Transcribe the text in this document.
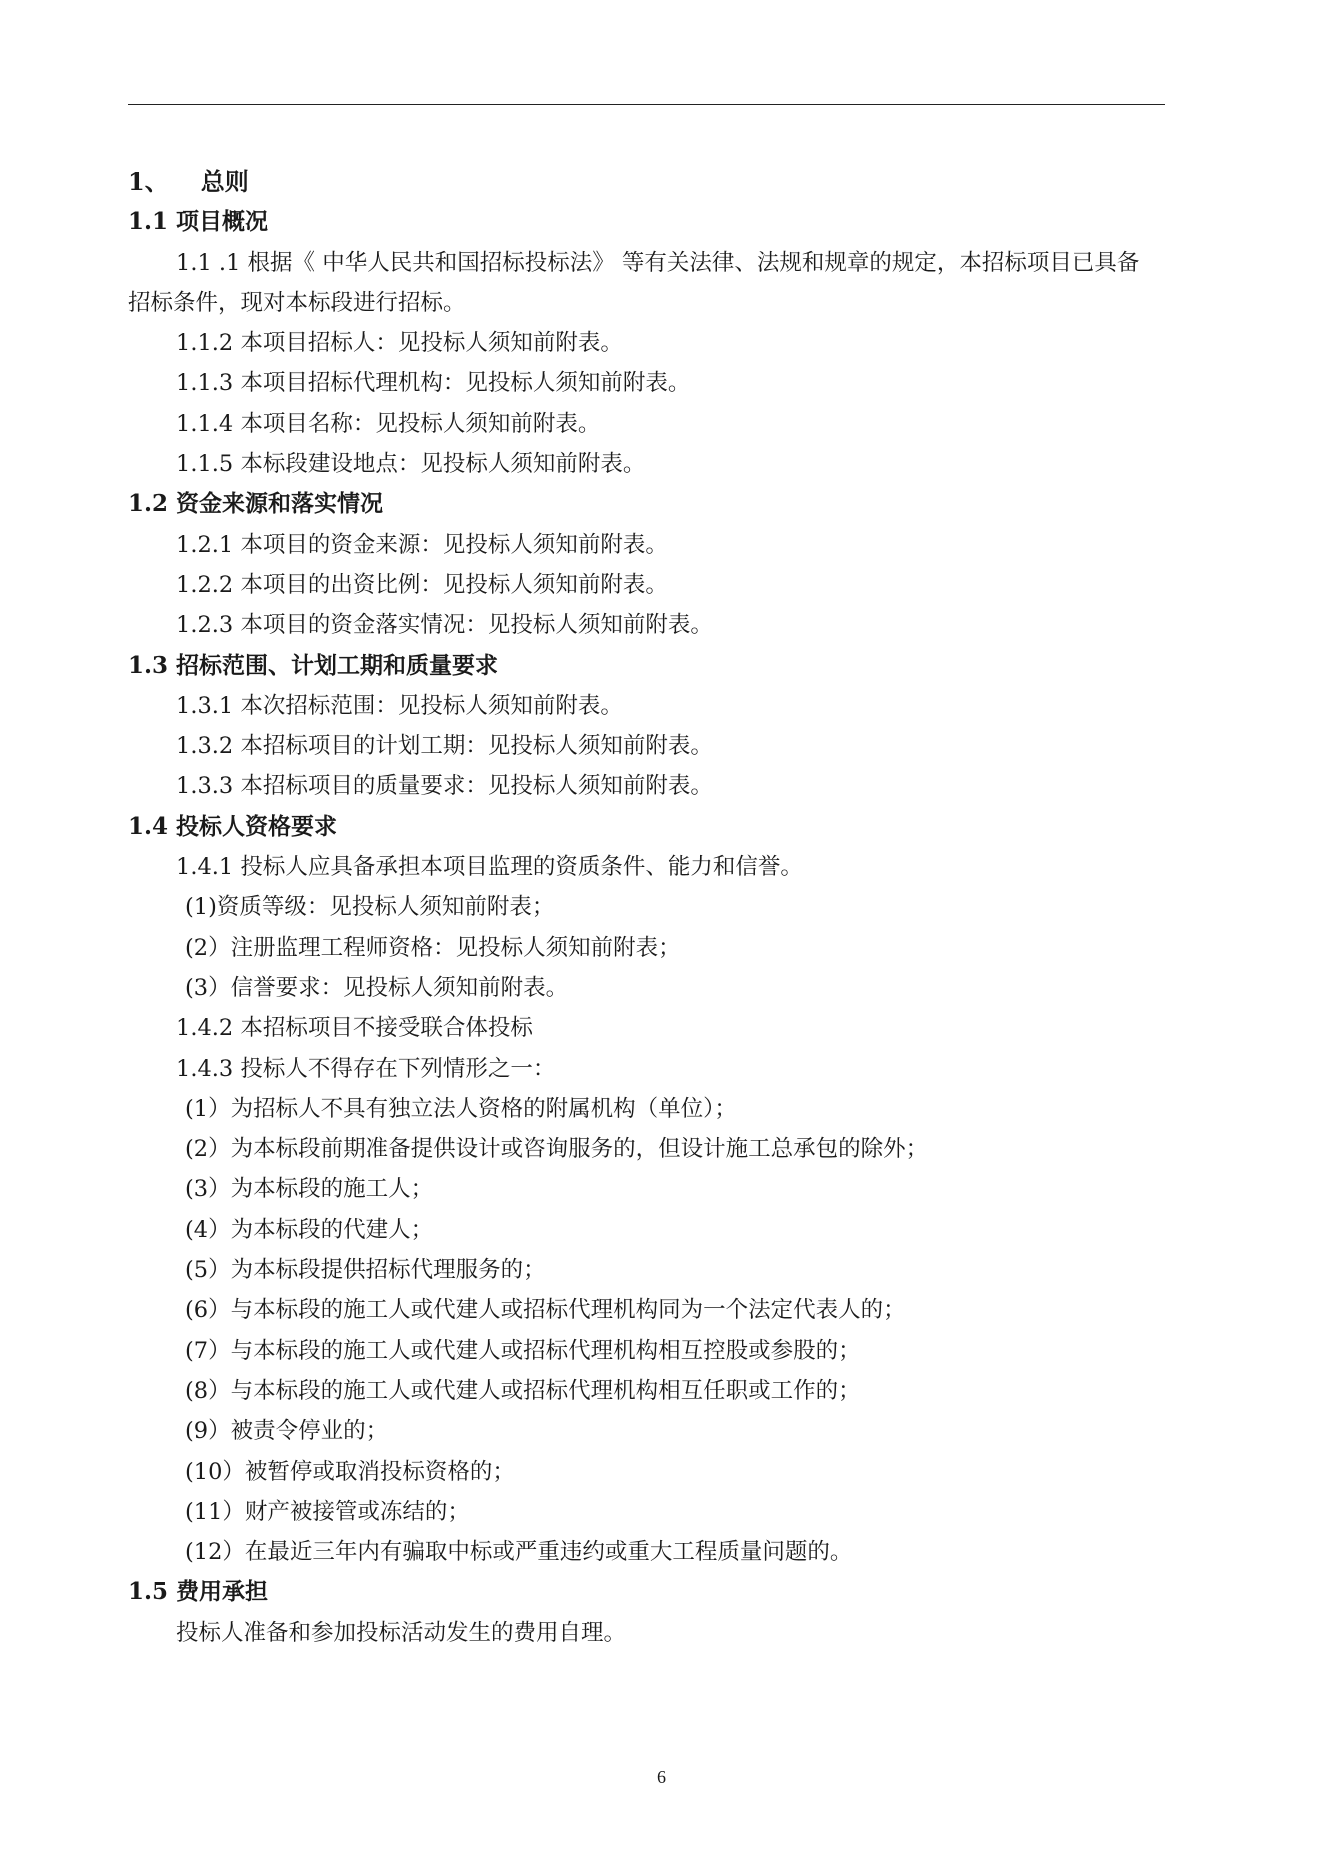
1、 总则
1.1 项目概况
1.1 .1 根据《 中华人民共和国招标投标法》 等有关法律、法规和规章的规定，本招标项目已具备
招标条件，现对本标段进行招标。
1.1.2 本项目招标人：见投标人须知前附表。
1.1.3 本项目招标代理机构：见投标人须知前附表。
1.1.4 本项目名称：见投标人须知前附表。
1.1.5 本标段建设地点：见投标人须知前附表。
1.2 资金来源和落实情况
1.2.1 本项目的资金来源：见投标人须知前附表。
1.2.2 本项目的出资比例：见投标人须知前附表。
1.2.3 本项目的资金落实情况：见投标人须知前附表。
1.3 招标范围、计划工期和质量要求
1.3.1 本次招标范围：见投标人须知前附表。
1.3.2 本招标项目的计划工期：见投标人须知前附表。
1.3.3 本招标项目的质量要求：见投标人须知前附表。
1.4 投标人资格要求
1.4.1 投标人应具备承担本项目监理的资质条件、能力和信誉。
(1)资质等级：见投标人须知前附表；
(2）注册监理工程师资格：见投标人须知前附表；
(3）信誉要求：见投标人须知前附表。
1.4.2 本招标项目不接受联合体投标
1.4.3 投标人不得存在下列情形之一：
(1）为招标人不具有独立法人资格的附属机构（单位）；
(2）为本标段前期准备提供设计或咨询服务的，但设计施工总承包的除外；
(3）为本标段的施工人；
(4）为本标段的代建人；
(5）为本标段提供招标代理服务的；
(6）与本标段的施工人或代建人或招标代理机构同为一个法定代表人的；
(7）与本标段的施工人或代建人或招标代理机构相互控股或参股的；
(8）与本标段的施工人或代建人或招标代理机构相互任职或工作的；
(9）被责令停业的；
(10）被暂停或取消投标资格的；
(11）财产被接管或冻结的；
(12）在最近三年内有骗取中标或严重违约或重大工程质量问题的。
1.5 费用承担
投标人准备和参加投标活动发生的费用自理。
6
